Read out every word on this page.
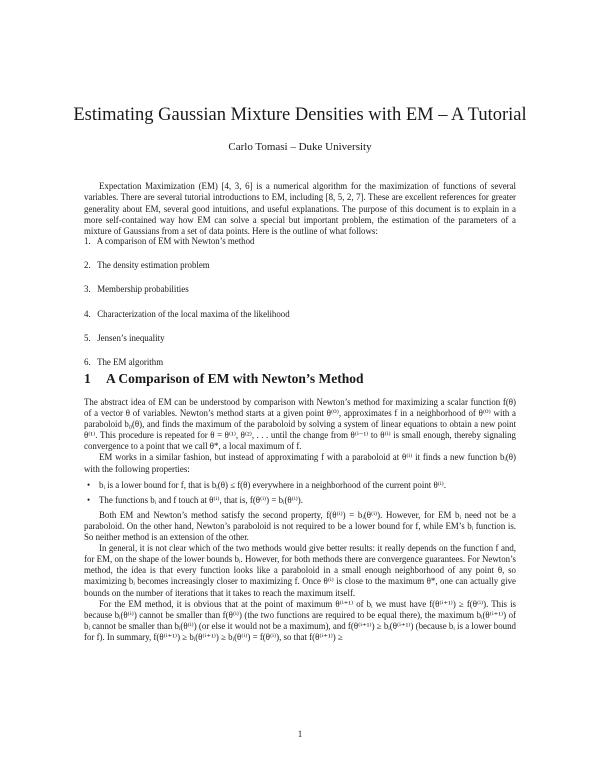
Estimating Gaussian Mixture Densities with EM – A Tutorial
Carlo Tomasi – Duke University

Expectation Maximization (EM) [4, 3, 6] is a numerical algorithm for the maximization of functions of several variables. There are several tutorial introductions to EM, including [8, 5, 2, 7]. These are excellent references for greater generality about EM, several good intuitions, and useful explanations. The purpose of this document is to explain in a more self-contained way how EM can solve a special but important problem, the estimation of the parameters of a mixture of Gaussians from a set of data points. Here is the outline of what follows:

1. A comparison of EM with Newton’s method
2. The density estimation problem
3. Membership probabilities
4. Characterization of the local maxima of the likelihood
5. Jensen’s inequality
6. The EM algorithm
1 A Comparison of EM with Newton’s Method

The abstract idea of EM can be understood by comparison with Newton’s method for maximizing a scalar function f(θ) of a vector θ of variables. Newton’s method starts at a given point θ⁽⁰⁾, approximates f in a neighborhood of θ⁽⁰⁾ with a paraboloid b₀(θ), and finds the maximum of the paraboloid by solving a system of linear equations to obtain a new point θ⁽¹⁾. This procedure is repeated for θ = θ⁽¹⁾, θ⁽²⁾, . . . until the change from θ⁽ⁱ⁻¹⁾ to θ⁽ⁱ⁾ is small enough, thereby signaling convergence to a point that we call θ*, a local maximum of f.

EM works in a similar fashion, but instead of approximating f with a paraboloid at θ⁽ⁱ⁾ it finds a new function bᵢ(θ) with the following properties:

• bᵢ is a lower bound for f, that is bᵢ(θ) ≤ f(θ) everywhere in a neighborhood of the current point θ⁽ⁱ⁾.
• The functions bᵢ and f touch at θ⁽ⁱ⁾, that is, f(θ⁽ⁱ⁾) = bᵢ(θ⁽ⁱ⁾).

Both EM and Newton’s method satisfy the second property, f(θ⁽ⁱ⁾) = bᵢ(θ⁽ⁱ⁾). However, for EM bᵢ need not be a paraboloid. On the other hand, Newton’s paraboloid is not required to be a lower bound for f, while EM’s bᵢ function is. So neither method is an extension of the other.

In general, it is not clear which of the two methods would give better results: it really depends on the function f and, for EM, on the shape of the lower bounds bᵢ. However, for both methods there are convergence guarantees. For Newton’s method, the idea is that every function looks like a paraboloid in a small enough neighborhood of any point θ, so maximizing bᵢ becomes increasingly closer to maximizing f. Once θ⁽ⁱ⁾ is close to the maximum θ*, one can actually give bounds on the number of iterations that it takes to reach the maximum itself.

For the EM method, it is obvious that at the point of maximum θ⁽ⁱ⁺¹⁾ of bᵢ we must have f(θ⁽ⁱ⁺¹⁾) ≥ f(θ⁽ⁱ⁾). This is because bᵢ(θ⁽ⁱ⁾) cannot be smaller than f(θ⁽ⁱ⁾) (the two functions are required to be equal there), the maximum bᵢ(θ⁽ⁱ⁺¹⁾) of bᵢ cannot be smaller than bᵢ(θ⁽ⁱ⁾) (or else it would not be a maximum), and f(θ⁽ⁱ⁺¹⁾) ≥ bᵢ(θ⁽ⁱ⁺¹⁾) (because bᵢ is a lower bound for f). In summary, f(θ⁽ⁱ⁺¹⁾) ≥ bᵢ(θ⁽ⁱ⁺¹⁾) ≥ bᵢ(θ⁽ⁱ⁾) = f(θ⁽ⁱ⁾), so that f(θ⁽ⁱ⁺¹⁾) ≥

1
